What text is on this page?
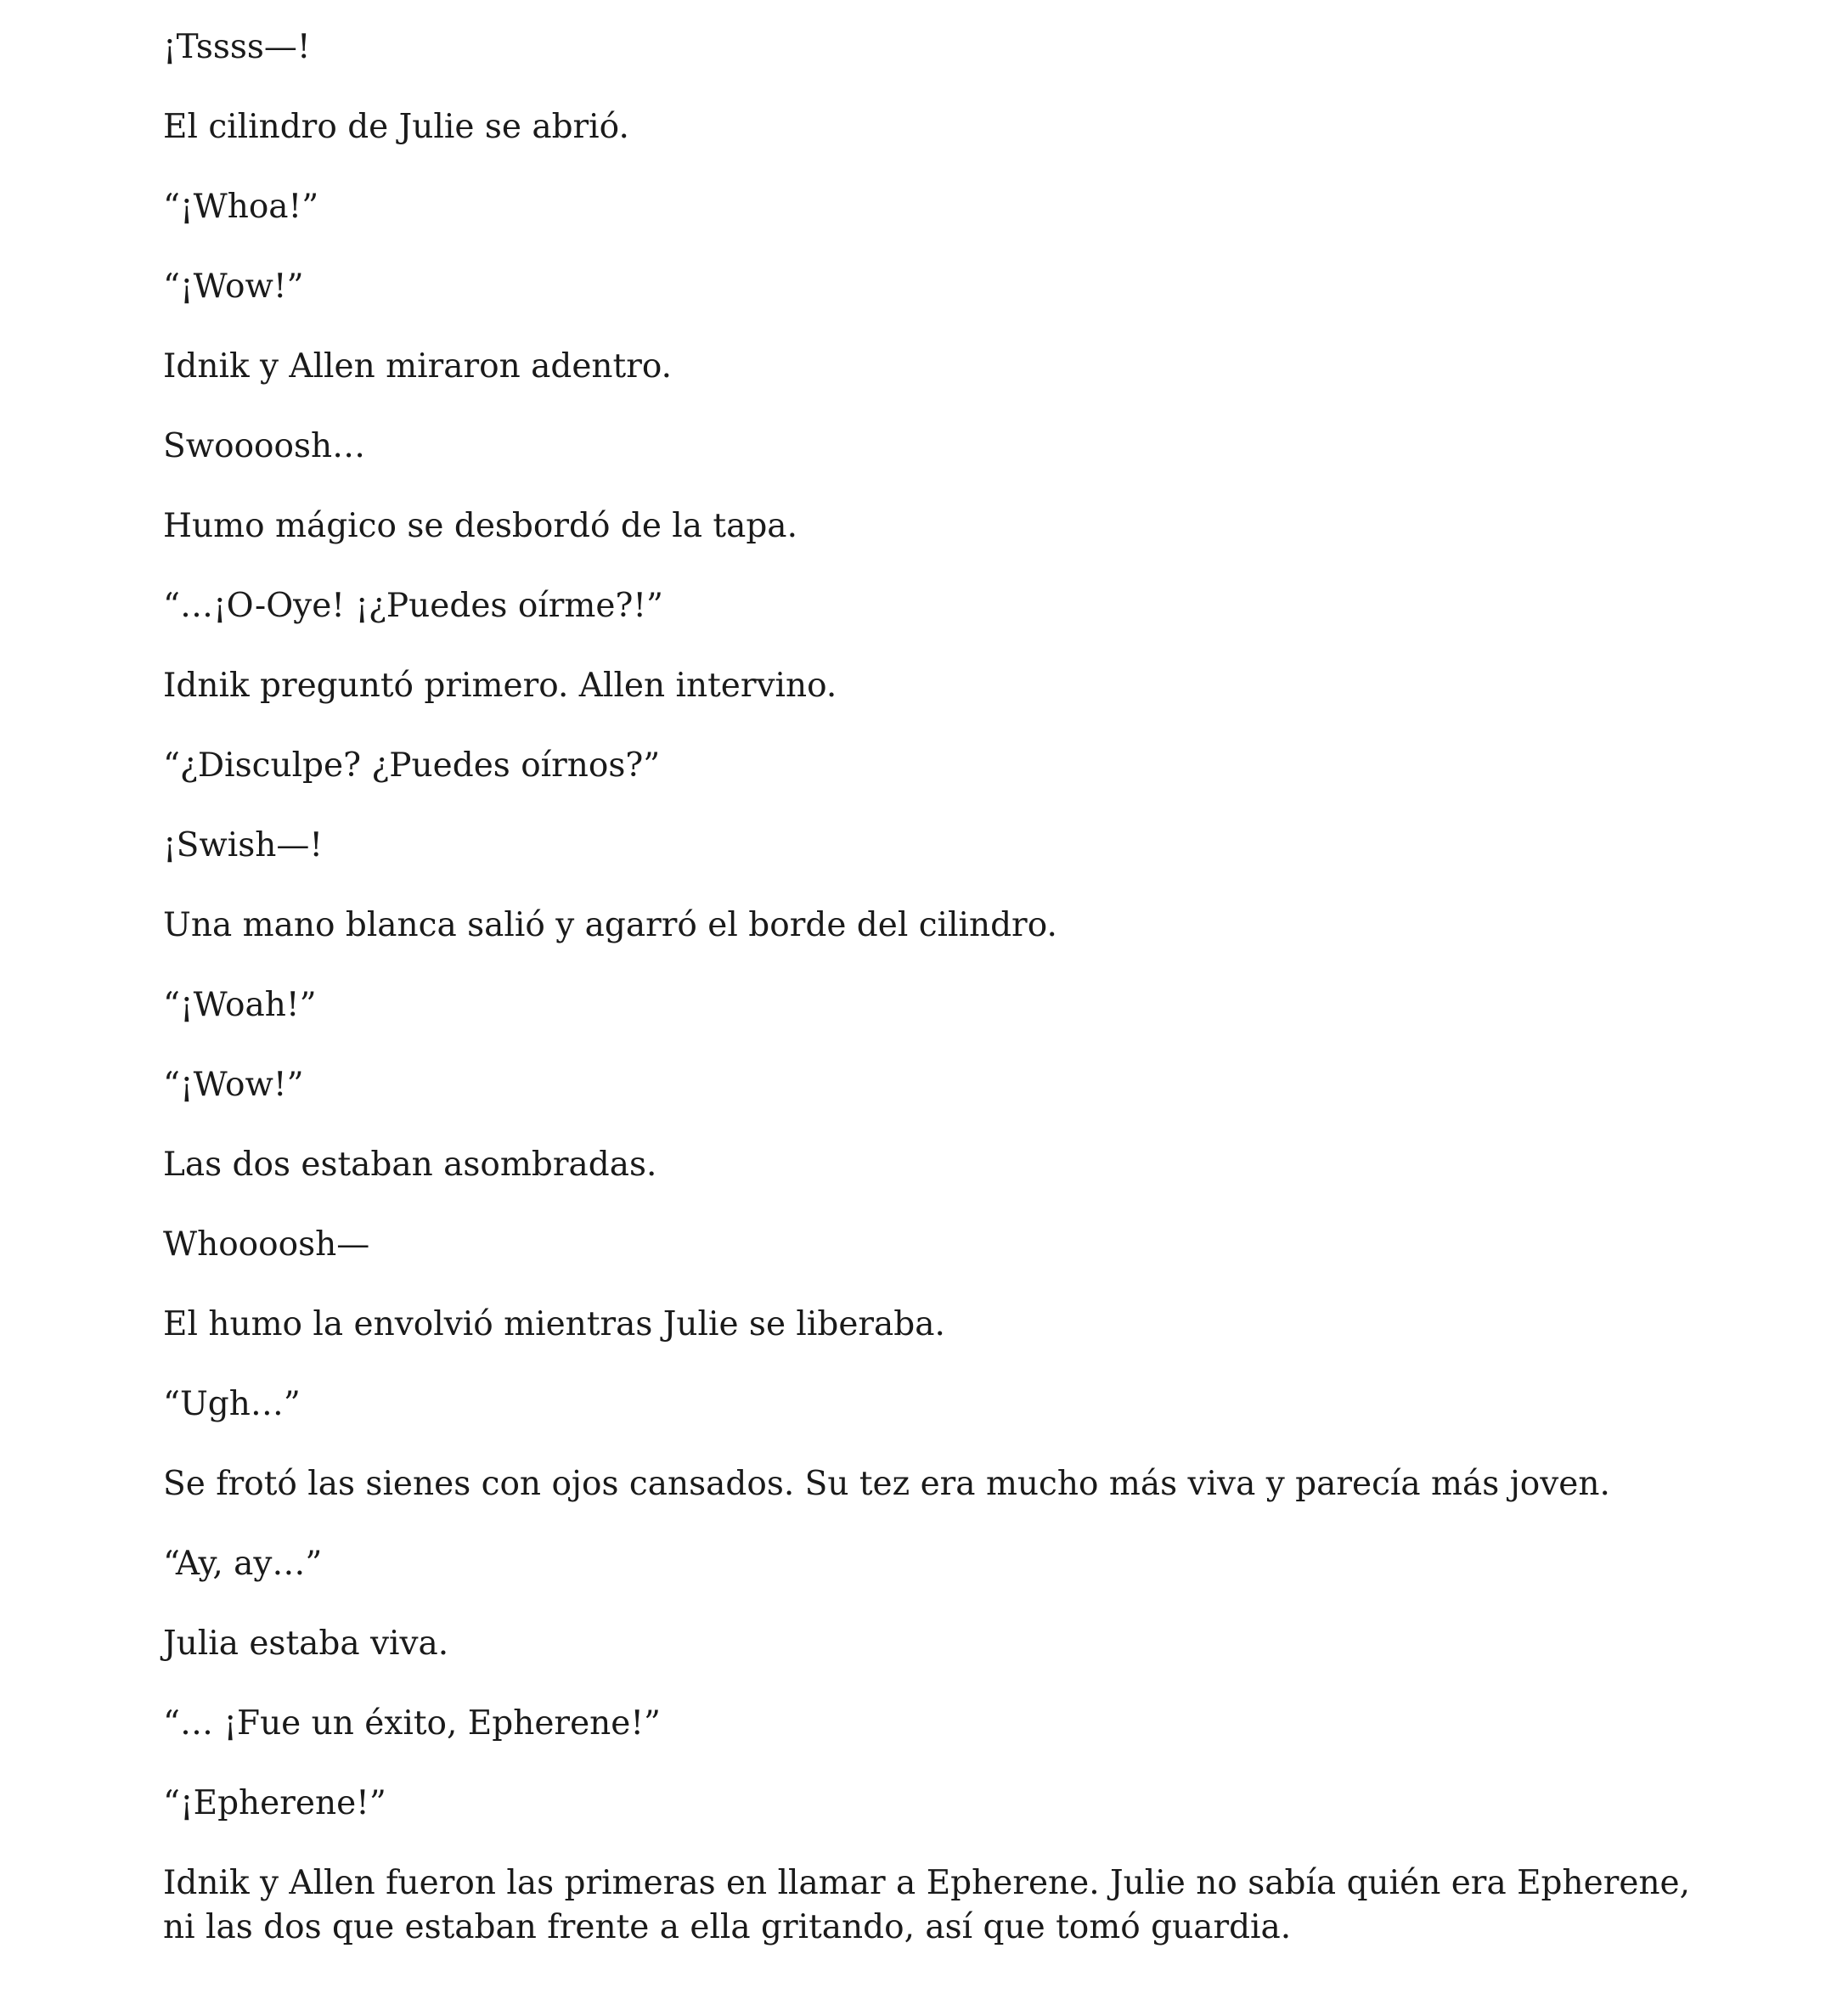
¡Tssss—!

El cilindro de Julie se abrió.

“¡Whoa!”

“¡Wow!”

Idnik y Allen miraron adentro.

Swoooosh…

Humo mágico se desbordó de la tapa.

“…¡O-Oye! ¡¿Puedes oírme?!”

Idnik preguntó primero. Allen intervino.

“¿Disculpe? ¿Puedes oírnos?”

¡Swish—!

Una mano blanca salió y agarró el borde del cilindro.

“¡Woah!”

“¡Wow!”

Las dos estaban asombradas.

Whoooosh—

El humo la envolvió mientras Julie se liberaba.

“Ugh…”

Se frotó las sienes con ojos cansados. Su tez era mucho más viva y parecía más joven.

“Ay, ay…”

Julia estaba viva.

“… ¡Fue un éxito, Epherene!”

“¡Epherene!”

Idnik y Allen fueron las primeras en llamar a Epherene. Julie no sabía quién era Epherene, ni las dos que estaban frente a ella gritando, así que tomó guardia.
